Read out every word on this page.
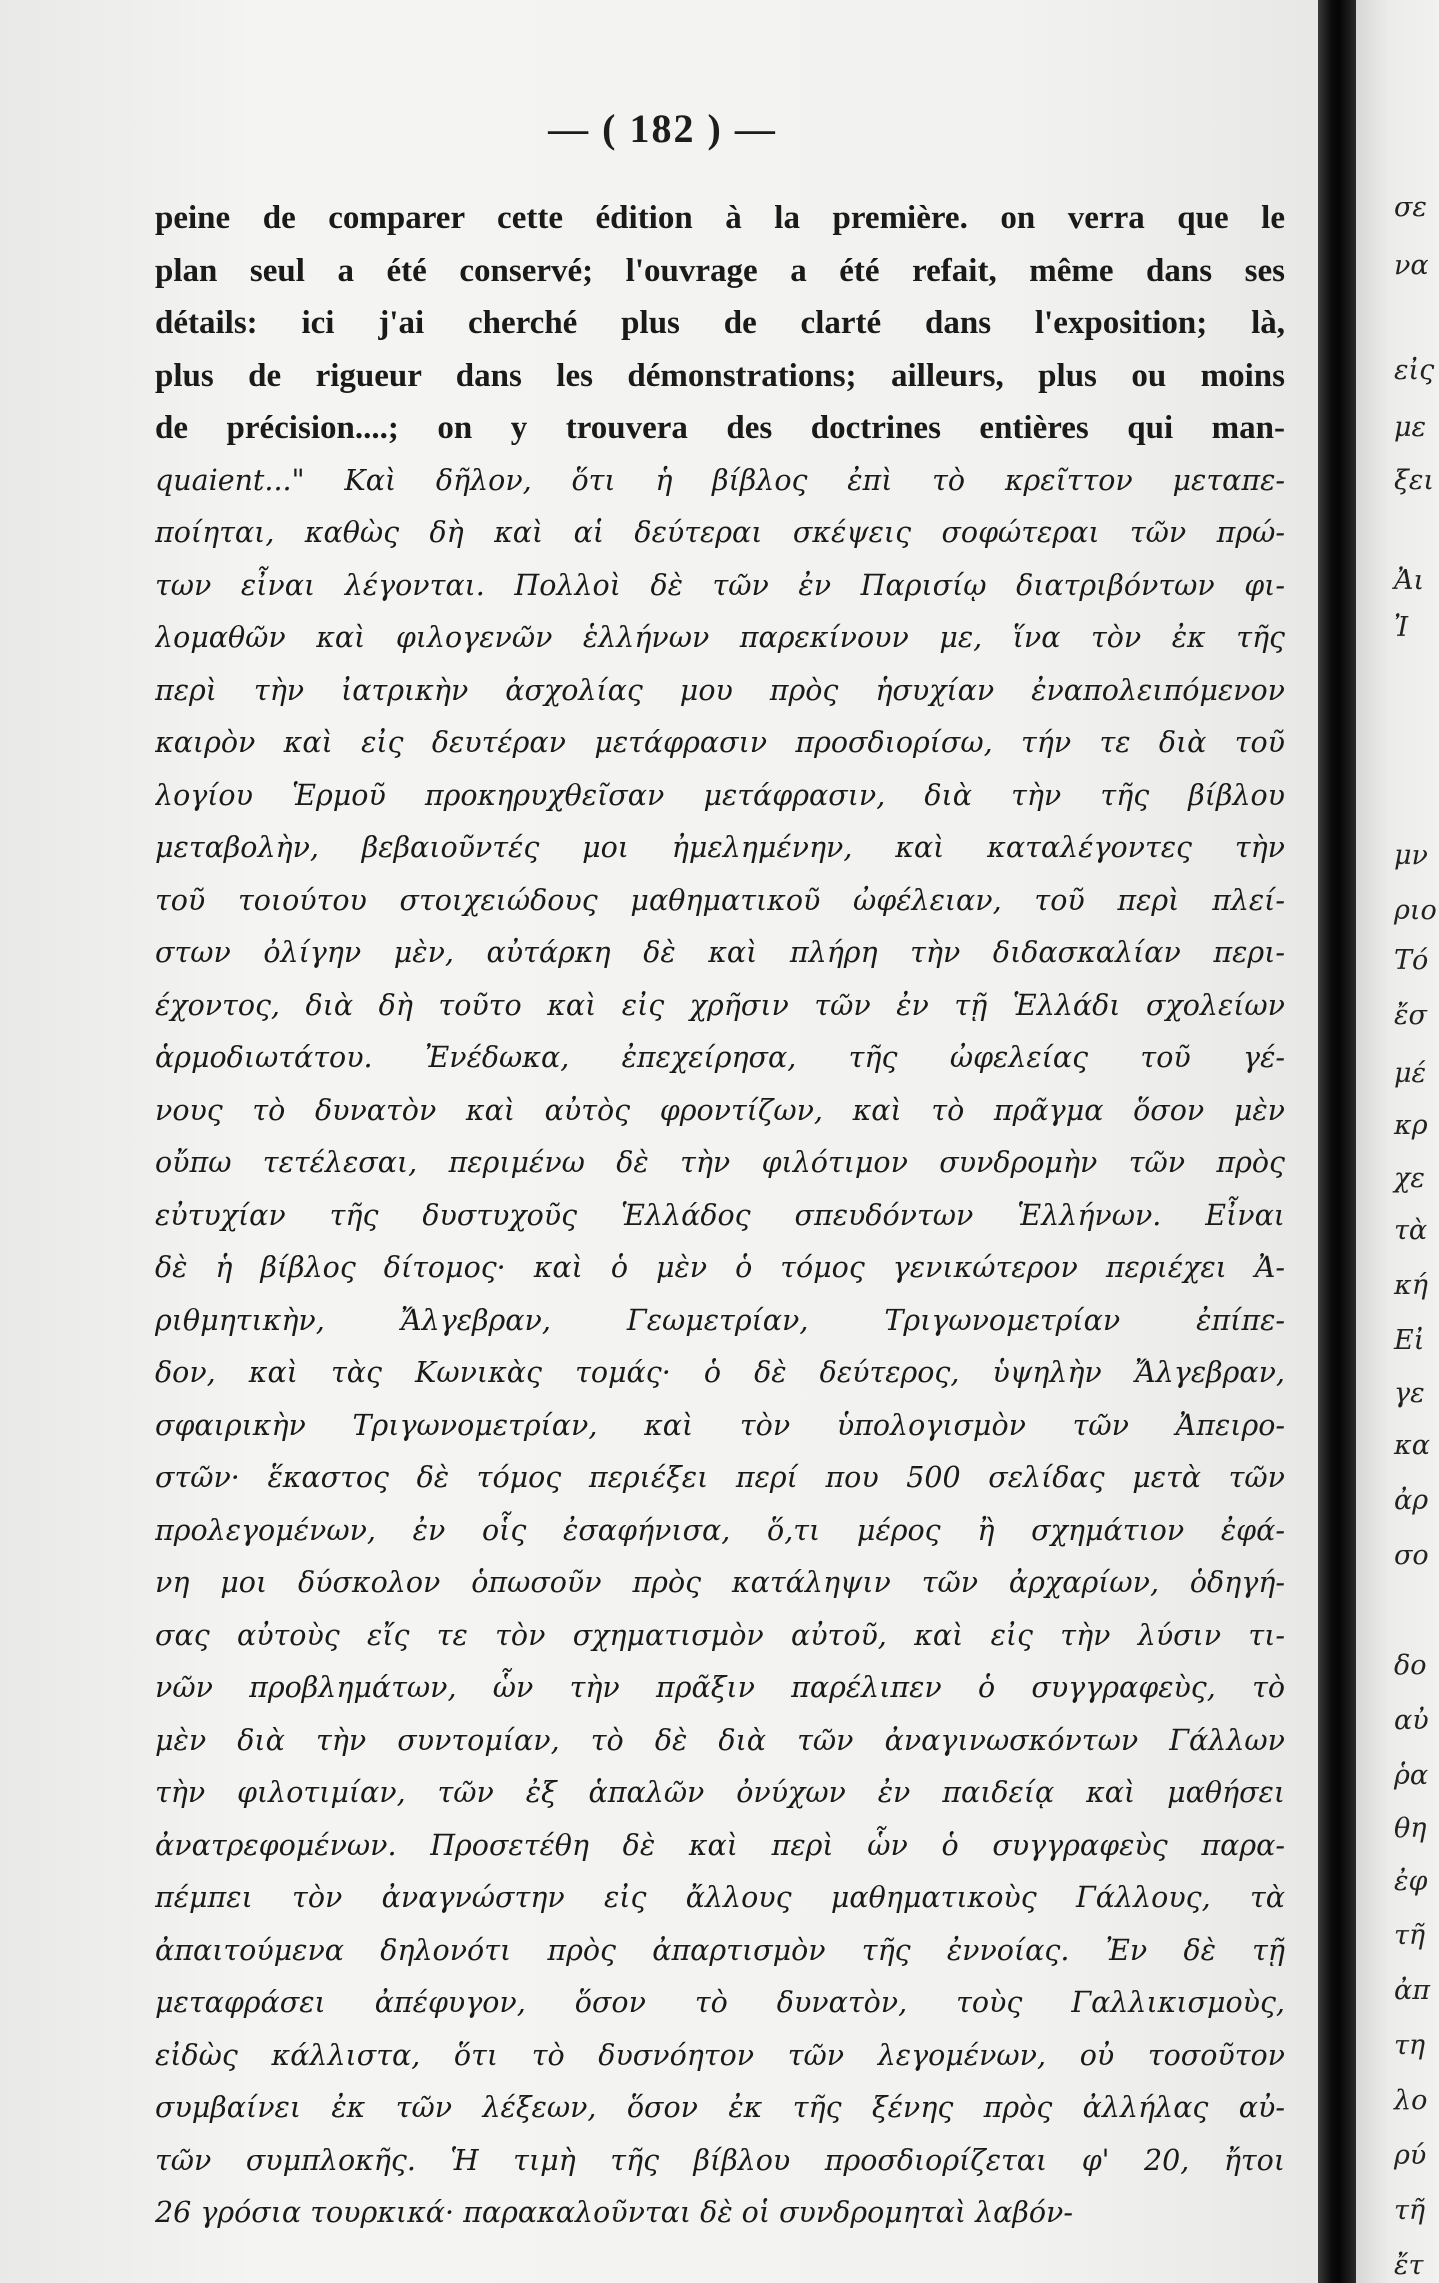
— ( 182 ) —
peine de comparer cette édition à la première. on verra que le
plan seul a été conservé; l'ouvrage a été refait, même dans ses
détails: ici j'ai cherché plus de clarté dans l'exposition; là,
plus de rigueur dans les démonstrations; ailleurs, plus ou moins
de précision....; on y trouvera des doctrines entières qui man-
quaient..." Καὶ δῆλον, ὅτι ἡ βίβλος ἐπὶ τὸ κρεῖττον μεταπε-
ποίηται, καθὼς δὴ καὶ αἱ δεύτεραι σκέψεις σοφώτεραι τῶν πρώ-
των εἶναι λέγονται. Πολλοὶ δὲ τῶν ἐν Παρισίῳ διατριβόντων φι-
λομαθῶν καὶ φιλογενῶν ἑλλήνων παρεκίνουν με, ἵνα τὸν ἐκ τῆς
περὶ τὴν ἰατρικὴν ἀσχολίας μου πρὸς ἡσυχίαν ἐναπολειπόμενον
καιρὸν καὶ εἰς δευτέραν μετάφρασιν προσδιορίσω, τήν τε διὰ τοῦ
λογίου Ἑρμοῦ προκηρυχθεῖσαν μετάφρασιν, διὰ τὴν τῆς βίβλου
μεταβολὴν, βεβαιοῦντές μοι ἠμελημένην, καὶ καταλέγοντες τὴν
τοῦ τοιούτου στοιχειώδους μαθηματικοῦ ὠφέλειαν, τοῦ περὶ πλεί-
στων ὀλίγην μὲν, αὐτάρκη δὲ καὶ πλήρη τὴν διδασκαλίαν περι-
έχοντος, διὰ δὴ τοῦτο καὶ εἰς χρῆσιν τῶν ἐν τῇ Ἑλλάδι σχολείων
ἁρμοδιωτάτου. Ἐνέδωκα, ἐπεχείρησα, τῆς ὠφελείας τοῦ γέ-
νους τὸ δυνατὸν καὶ αὐτὸς φροντίζων, καὶ τὸ πρᾶγμα ὅσον μὲν
οὔπω τετέλεσαι, περιμένω δὲ τὴν φιλότιμον συνδρομὴν τῶν πρὸς
εὐτυχίαν τῆς δυστυχοῦς Ἑλλάδος σπευδόντων Ἑλλήνων. Εἶναι
δὲ ἡ βίβλος δίτομος· καὶ ὁ μὲν ὁ τόμος γενικώτερον περιέχει Ἀ-
ριθμητικὴν, Ἄλγεβραν, Γεωμετρίαν, Τριγωνομετρίαν ἐπίπε-
δον, καὶ τὰς Κωνικὰς τομάς· ὁ δὲ δεύτερος, ὑψηλὴν Ἄλγεβραν,
σφαιρικὴν Τριγωνομετρίαν, καὶ τὸν ὑπολογισμὸν τῶν Ἀπειρο-
στῶν· ἕκαστος δὲ τόμος περιέξει περί που 500 σελίδας μετὰ τῶν
προλεγομένων, ἐν οἷς ἐσαφήνισα, ὅ,τι μέρος ἢ σχημάτιον ἐφά-
νη μοι δύσκολον ὁπωσοῦν πρὸς κατάληψιν τῶν ἀρχαρίων, ὁδηγή-
σας αὐτοὺς εἴς τε τὸν σχηματισμὸν αὐτοῦ, καὶ εἰς τὴν λύσιν τι-
νῶν προβλημάτων, ὧν τὴν πρᾶξιν παρέλιπεν ὁ συγγραφεὺς, τὸ
μὲν διὰ τὴν συντομίαν, τὸ δὲ διὰ τῶν ἀναγινωσκόντων Γάλλων
τὴν φιλοτιμίαν, τῶν ἐξ ἁπαλῶν ὀνύχων ἐν παιδείᾳ καὶ μαθήσει
ἀνατρεφομένων. Προσετέθη δὲ καὶ περὶ ὧν ὁ συγγραφεὺς παρα-
πέμπει τὸν ἀναγνώστην εἰς ἄλλους μαθηματικοὺς Γάλλους, τὰ
ἀπαιτούμενα δηλονότι πρὸς ἀπαρτισμὸν τῆς ἐννοίας. Ἐν δὲ τῇ
μεταφράσει ἀπέφυγον, ὅσον τὸ δυνατὸν, τοὺς Γαλλικισμοὺς,
εἰδὼς κάλλιστα, ὅτι τὸ δυσνόητον τῶν λεγομένων, οὐ τοσοῦτον
συμβαίνει ἐκ τῶν λέξεων, ὅσον ἐκ τῆς ξένης πρὸς ἀλλήλας αὐ-
τῶν συμπλοκῆς. Ἡ τιμὴ τῆς βίβλου προσδιορίζεται φ' 20, ἤτοι
26 γρόσια τουρκικά· παρακαλοῦνται δὲ οἱ συνδρομηταὶ λαβόν-
σε
να
εἰς
με
ξει
Ἀι
Ἰ
μν
ριο
Τό
ἔσ
μέ
κρ
χε
τὰ
κή
Εἰ
γε
κα
ἀρ
σο
δο
αὐ
ῥα
θη
ἐφ
τῆ
ἀπ
τη
λο
ρύ
τῆ
ἔτ
